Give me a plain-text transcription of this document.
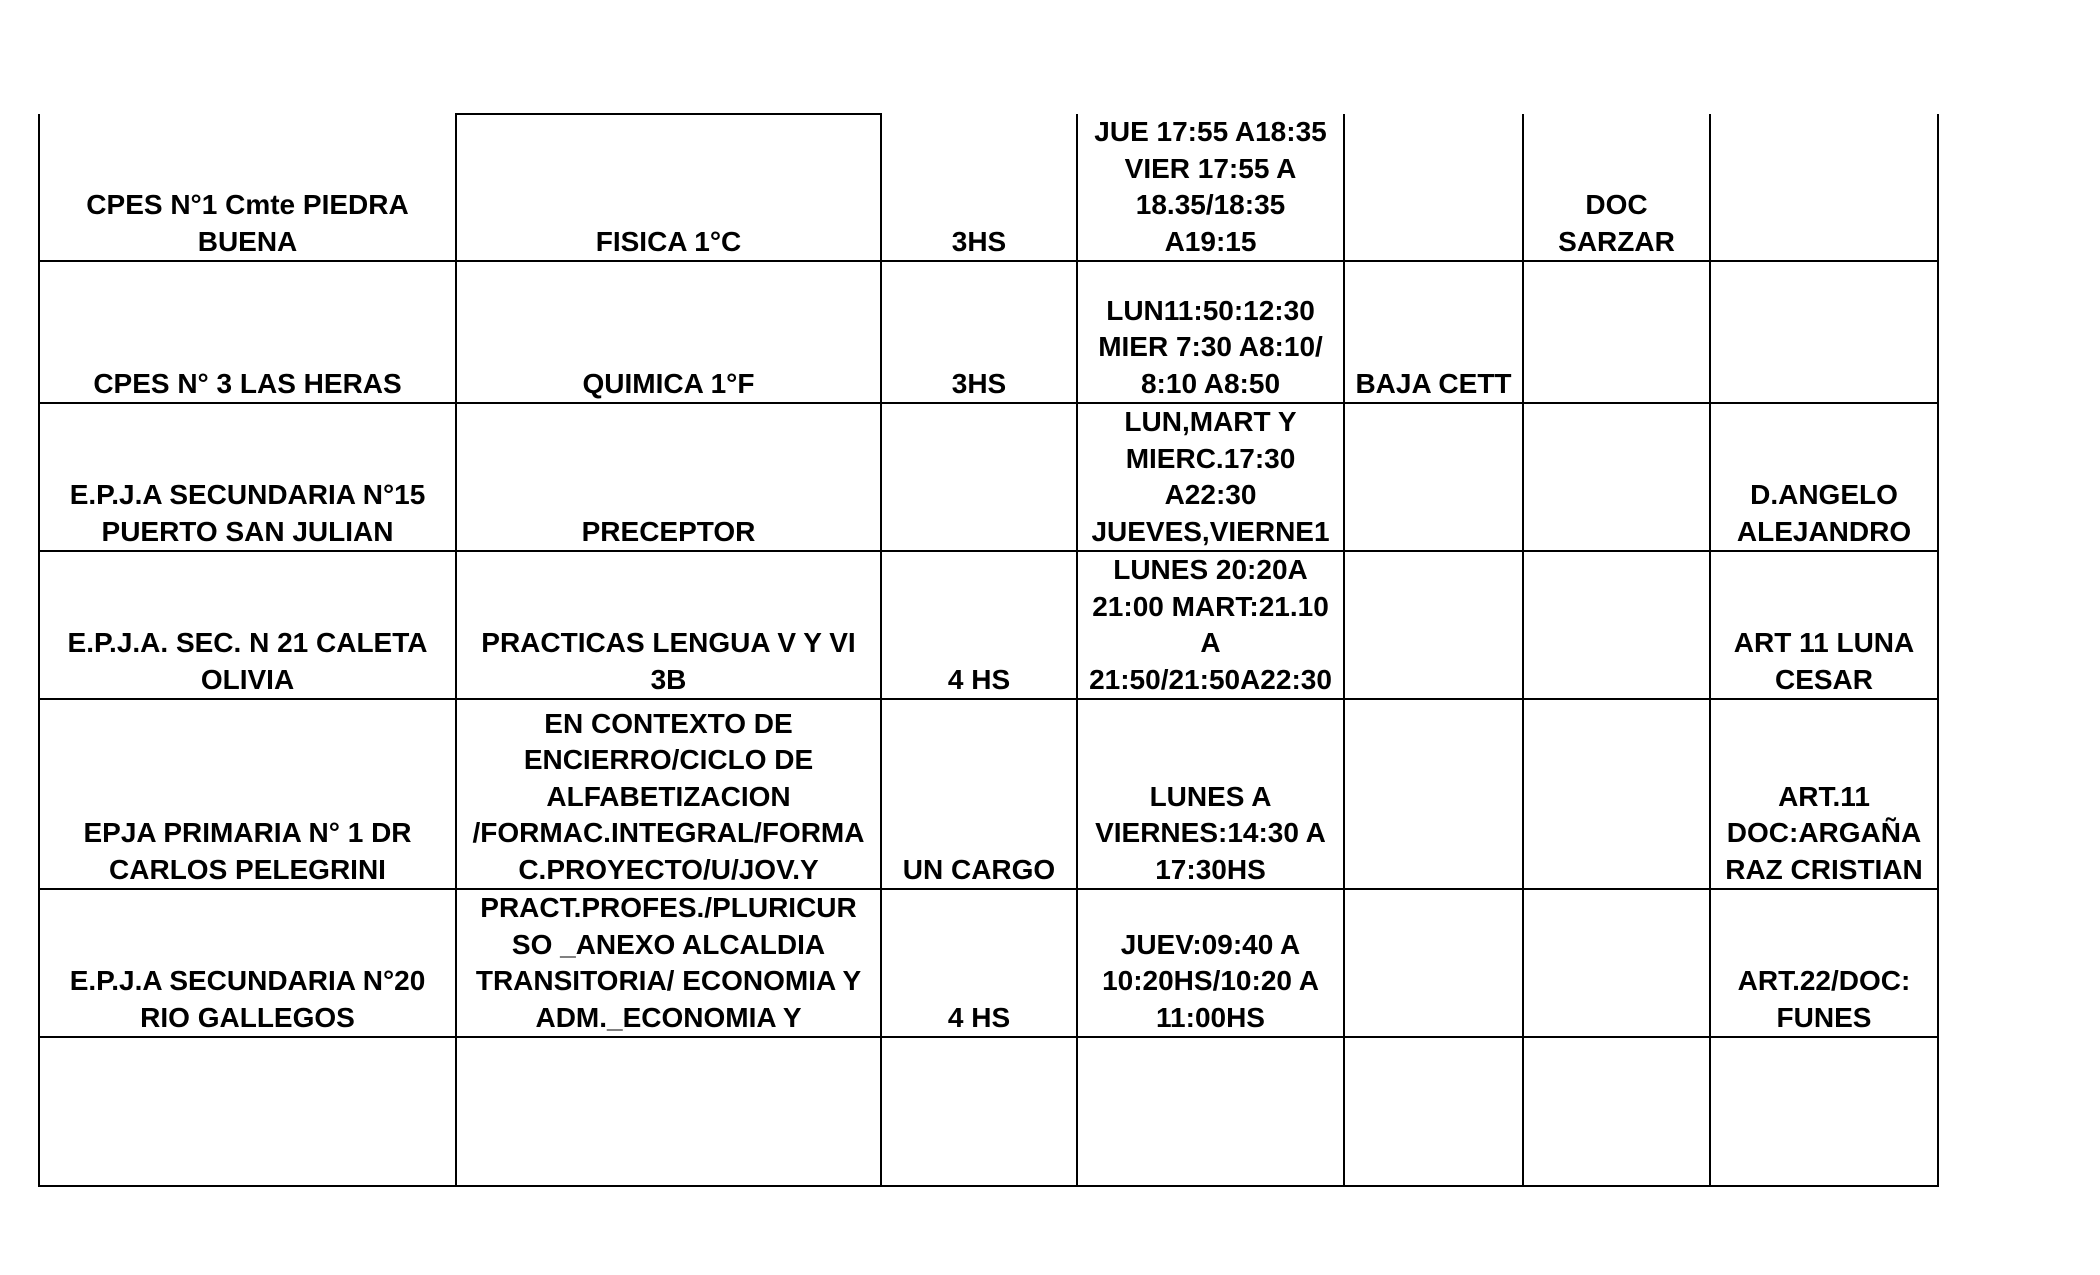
CPES N°1 Cmte PIEDRA
BUENA	FISICA 1°C	3HS	JUE 17:55 A18:35
VIER 17:55 A
18.35/18:35
A19:15		DOC
SARZAR	

CPES N° 3 LAS HERAS	QUIMICA 1°F	3HS	LUN11:50:12:30
MIER 7:30 A8:10/
8:10 A8:50	BAJA CETT		

E.P.J.A SECUNDARIA N°15
PUERTO SAN JULIAN	PRECEPTOR		LUN,MART Y
MIERC.17:30
A22:30
JUEVES,VIERNE1			D.ANGELO
ALEJANDRO

E.P.J.A. SEC. N 21 CALETA
OLIVIA	PRACTICAS LENGUA V Y VI
3B	4 HS	LUNES 20:20A
21:00 MART:21.10
A
21:50/21:50A22:30			ART 11 LUNA
CESAR

EPJA PRIMARIA N° 1 DR
CARLOS PELEGRINI	EN CONTEXTO DE
ENCIERRO/CICLO DE
ALFABETIZACION
/FORMAC.INTEGRAL/FORMA
C.PROYECTO/U/JOV.Y	UN CARGO	LUNES A
VIERNES:14:30 A
17:30HS			ART.11
DOC:ARGAÑA
RAZ CRISTIAN

E.P.J.A SECUNDARIA N°20
RIO GALLEGOS	PRACT.PROFES./PLURICUR
SO _ANEXO ALCALDIA
TRANSITORIA/ ECONOMIA Y
ADM._ECONOMIA Y	4 HS	JUEV:09:40 A
10:20HS/10:20 A
11:00HS			ART.22/DOC:
FUNES
